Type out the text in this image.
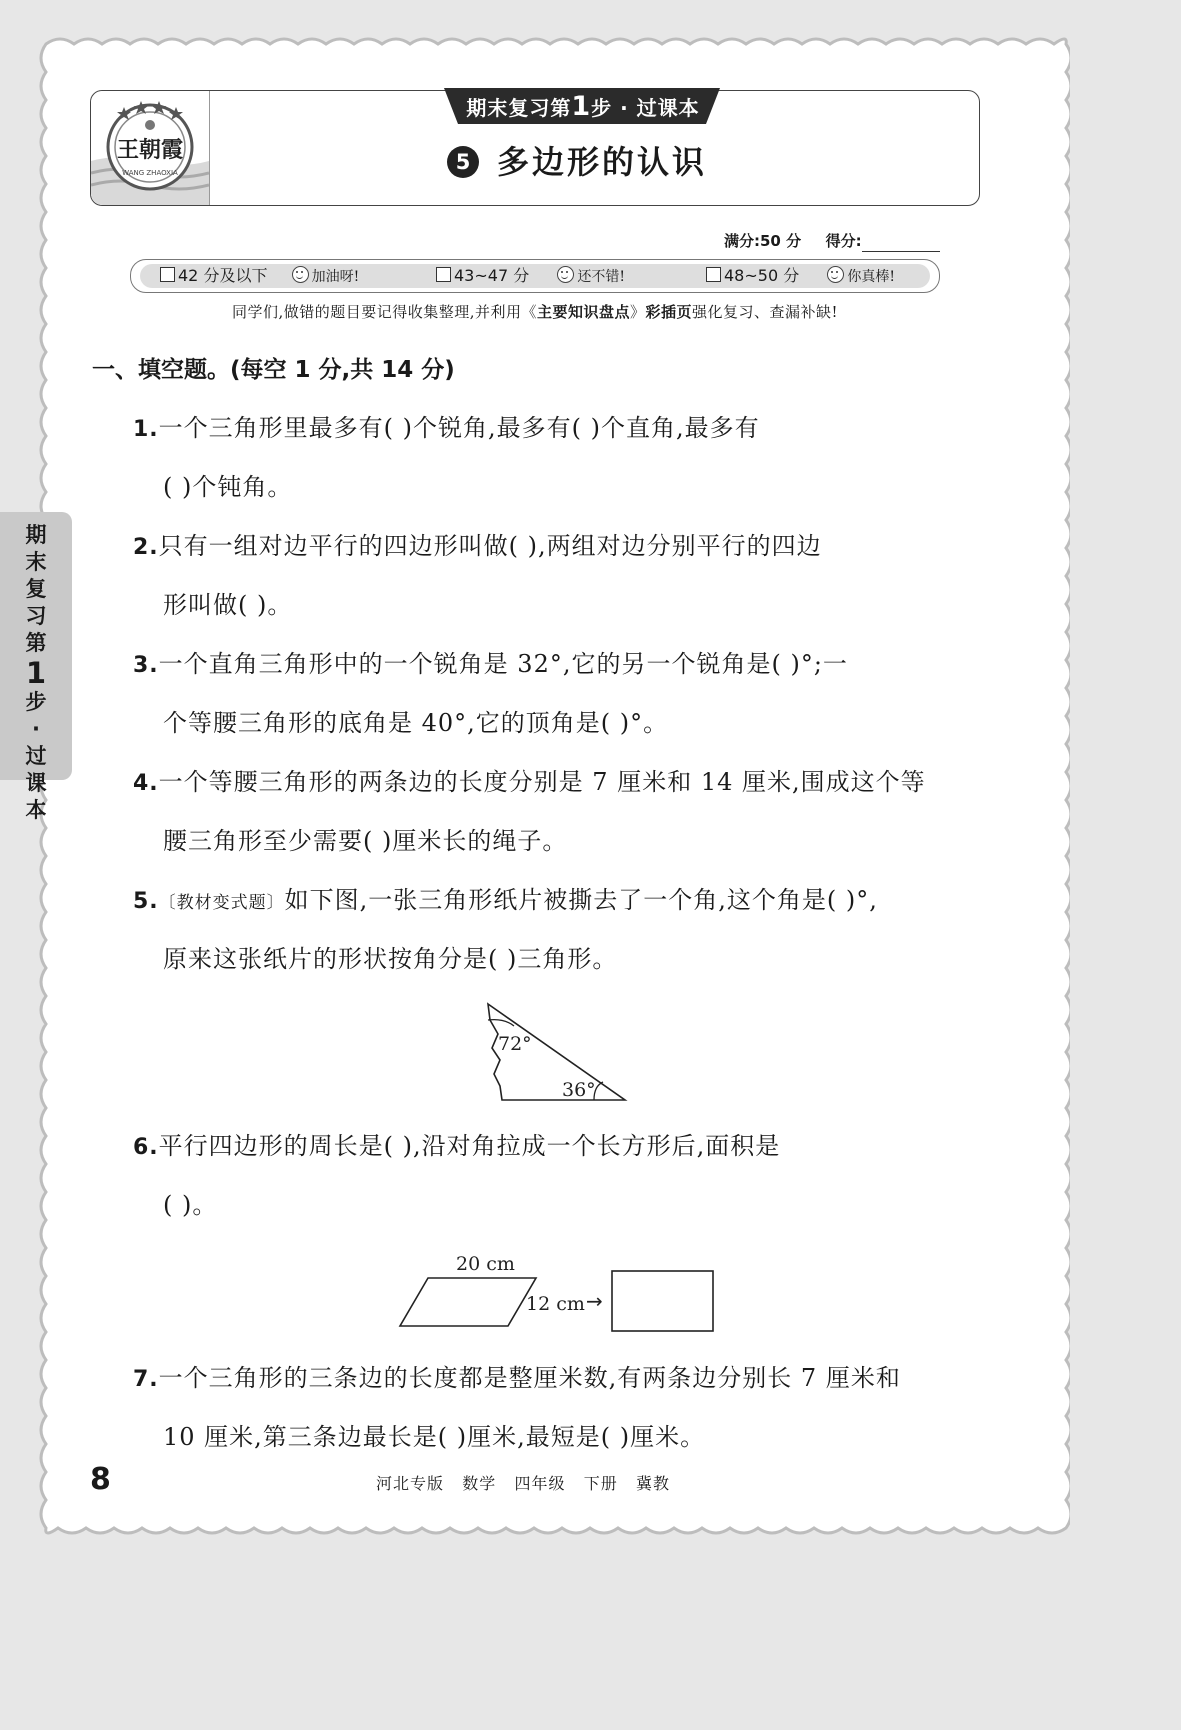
王朝霞
WANG ZHAOXIA
期末复习第1步 · 过课本
5 多边形的认识
满分:50 分 得分:
42 分及以下	加油呀!	43~47 分	还不错!	48~50 分	你真棒!
同学们,做错的题目要记得收集整理,并利用《主要知识盘点》彩插页强化复习、查漏补缺!
一、填空题。(每空 1 分,共 14 分)
期
末
复
习
第
1
步
·
过
课
本
1.一个三角形里最多有( )个锐角,最多有( )个直角,最多有
( )个钝角。
2.只有一组对边平行的四边形叫做( ),两组对边分别平行的四边
形叫做( )。
3.一个直角三角形中的一个锐角是 32°,它的另一个锐角是( )°;一
个等腰三角形的底角是 40°,它的顶角是( )°。
4.一个等腰三角形的两条边的长度分别是 7 厘米和 14 厘米,围成这个等
腰三角形至少需要( )厘米长的绳子。
5.〔教材变式题〕如下图,一张三角形纸片被撕去了一个角,这个角是( )°,
原来这张纸片的形状按角分是( )三角形。
72°
36°
6.平行四边形的周长是( ),沿对角拉成一个长方形后,面积是
( )。
20 cm
12 cm →
7.一个三角形的三条边的长度都是整厘米数,有两条边分别长 7 厘米和
10 厘米,第三条边最长是( )厘米,最短是( )厘米。
8	河北专版   数学   四年级   下册   冀教
